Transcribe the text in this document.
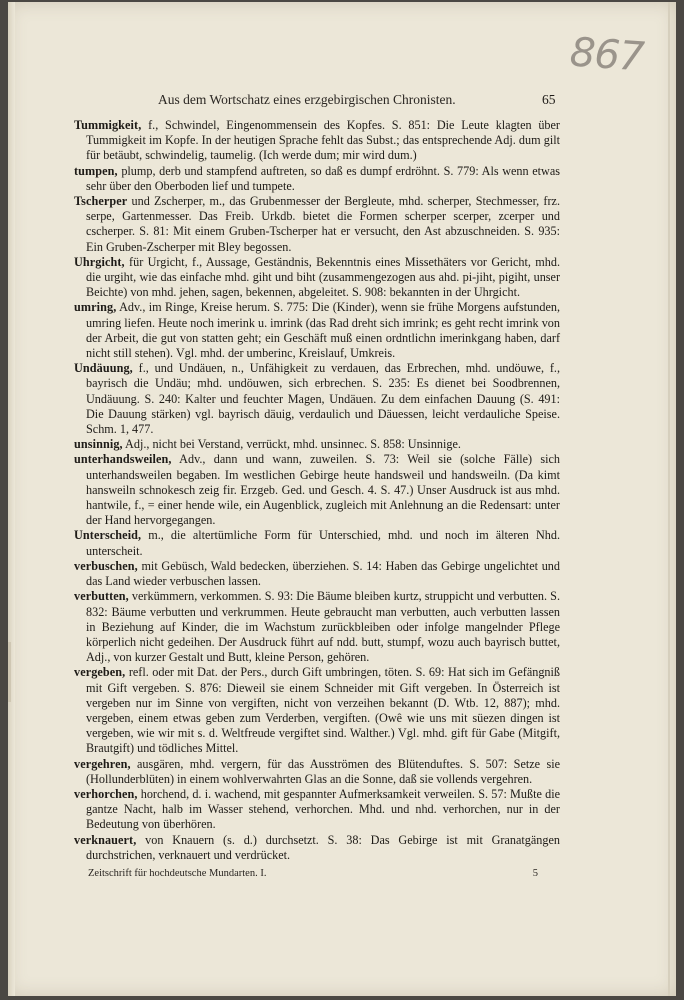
867
Aus dem Wortschatz eines erzgebirgischen Chronisten.	65

Tummigkeit, f., Schwindel, Eingenommensein des Kopfes. S. 851: Die Leute klagten über Tummigkeit im Kopfe. In der heutigen Sprache fehlt das Subst.; das entsprechende Adj. dum gilt für betäubt, schwindelig, taumelig. (Ich werde dum; mir wird dum.)

tumpen, plump, derb und stampfend auftreten, so daß es dumpf erdröhnt. S. 779: Als wenn etwas sehr über den Oberboden lief und tumpete.

Tscherper und Zscherper, m., das Grubenmesser der Bergleute, mhd. scherper, Stechmesser, frz. serpe, Gartenmesser. Das Freib. Urkdb. bietet die Formen scherper scerper, zcerper und cscherper. S. 81: Mit einem Gruben-Tscherper hat er versucht, den Ast abzuschneiden. S. 935: Ein Gruben-Zscherper mit Bley begossen.

Uhrgicht, für Urgicht, f., Aussage, Geständnis, Bekenntnis eines Missethäters vor Gericht, mhd. die urgiht, wie das einfache mhd. giht und biht (zusammengezogen aus ahd. pi-jiht, pigiht, unser Beichte) von mhd. jehen, sagen, bekennen, abgeleitet. S. 908: bekannten in der Uhrgicht.

umring, Adv., im Ringe, Kreise herum. S. 775: Die (Kinder), wenn sie frühe Morgens aufstunden, umring liefen. Heute noch imerink u. imrink (das Rad dreht sich imrink; es geht recht imrink von der Arbeit, die gut von statten geht; ein Geschäft muß einen ordntlichn imerinkgang haben, darf nicht still stehen). Vgl. mhd. der umberinc, Kreislauf, Umkreis.

Undäuung, f., und Undäuen, n., Unfähigkeit zu verdauen, das Erbrechen, mhd. undöuwe, f., bayrisch die Undäu; mhd. undöuwen, sich erbrechen. S. 235: Es dienet bei Soodbrennen, Undäuung. S. 240: Kalter und feuchter Magen, Undäuen. Zu dem einfachen Dauung (S. 491: Die Dauung stärken) vgl. bayrisch däuig, verdaulich und Däuessen, leicht verdauliche Speise. Schm. 1, 477.

unsinnig, Adj., nicht bei Verstand, verrückt, mhd. unsinnec. S. 858: Unsinnige.

unterhandsweilen, Adv., dann und wann, zuweilen. S. 73: Weil sie (solche Fälle) sich unterhandsweilen begaben. Im westlichen Gebirge heute handsweil und handsweiln. (Da kimt hansweiln schnokesch zeig fir. Erzgeb. Ged. und Gesch. 4. S. 47.) Unser Ausdruck ist aus mhd. hantwile, f., = einer hende wile, ein Augenblick, zugleich mit Anlehnung an die Redensart: unter der Hand hervorgegangen.

Unterscheid, m., die altertümliche Form für Unterschied, mhd. und noch im älteren Nhd. unterscheit.

verbuschen, mit Gebüsch, Wald bedecken, überziehen. S. 14: Haben das Gebirge ungelichtet und das Land wieder verbuschen lassen.

verbutten, verkümmern, verkommen. S. 93: Die Bäume bleiben kurtz, struppicht und verbutten. S. 832: Bäume verbutten und verkrummen. Heute gebraucht man verbutten, auch verbutten lassen in Beziehung auf Kinder, die im Wachstum zurückbleiben oder infolge mangelnder Pflege körperlich nicht gedeihen. Der Ausdruck führt auf ndd. butt, stumpf, wozu auch bayrisch buttet, Adj., von kurzer Gestalt und Butt, kleine Person, gehören.

vergeben, refl. oder mit Dat. der Pers., durch Gift umbringen, töten. S. 69: Hat sich im Gefängniß mit Gift vergeben. S. 876: Dieweil sie einem Schneider mit Gift vergeben. In Österreich ist vergeben nur im Sinne von vergiften, nicht von verzeihen bekannt (D. Wtb. 12, 887); mhd. vergeben, einem etwas geben zum Verderben, vergiften. (Owê wie uns mit süezen dingen ist vergeben, wie wir mit s. d. Weltfreude vergiftet sind. Walther.) Vgl. mhd. gift für Gabe (Mitgift, Brautgift) und tödliches Mittel.

vergehren, ausgären, mhd. vergern, für das Ausströmen des Blütenduftes. S. 507: Setze sie (Hollunderblüten) in einem wohlverwahrten Glas an die Sonne, daß sie vollends vergehren.

verhorchen, horchend, d. i. wachend, mit gespannter Aufmerksamkeit verweilen. S. 57: Mußte die gantze Nacht, halb im Wasser stehend, verhorchen. Mhd. und nhd. verhorchen, nur in der Bedeutung von überhören.

verknauert, von Knauern (s. d.) durchsetzt. S. 38: Das Gebirge ist mit Granatgängen durchstrichen, verknauert und verdrücket.

Zeitschrift für hochdeutsche Mundarten. I.	5
